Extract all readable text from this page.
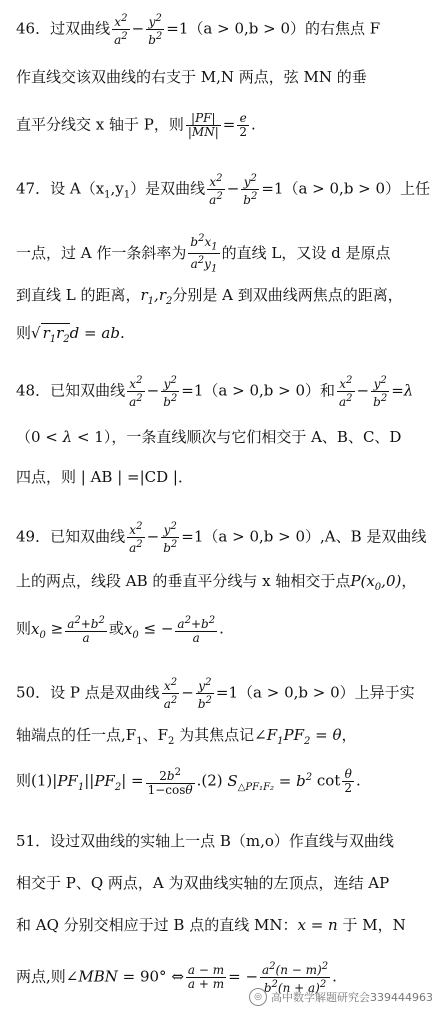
46．过双曲线 $\frac{x^2}{a^2} - \frac{y^2}{b^2} =1(a > 0,b > 0)$的右焦点 F
作直线交该双曲线的右支于 M,N 两点，弦 MN 的垂
直平分线交 x 轴于 P，则 $\frac{|PF|}{|MN|} = \frac{e}{2}$ .
47．设 $A(x_1,y_1)$是双曲线 $\frac{x^2}{a^2} - \frac{y^2}{b^2} =1(a > 0,b > 0)$上任
一点，过 A 作一条斜率为 $\frac{b^2x_1}{a^2y_1}$ 的直线 L，又设 d 是原点
到直线 L 的距离，$r_1,r_2$分别是 A 到双曲线两焦点的距离，
则√ $r_1r_2d$ = ab.
48．已知双曲线 $\frac{x^2}{a^2} - \frac{y^2}{b^2} =1(a > 0,b > 0)$和 $\frac{x^2}{a^2} - \frac{y^2}{b^2} =\lambda$
（0 < λ < 1），一条直线顺次与它们相交于 A、B、C、D
四点，则 | AB | =|CD |．
49．已知双曲线 $\frac{x^2}{a^2} - \frac{y^2}{b^2} =1(a > 0,b > 0),A$、B 是双曲线
上的两点，线段 AB 的垂直平分线与 x 轴相交于点$P(x_0,0)$，
则$x_0 \ge \frac{a^2+b^2}{a}$ 或$x_0$ ≤ − $\frac{a^2+b^2}{a}$ .
50．设 P 点是双曲线 $\frac{x^2}{a^2} - \frac{y^2}{b^2} =1(a > 0,b > 0)$上异于实
轴端点的任一点$,F_1$、$F_2$ 为其焦点记$\angle F_1PF_2 = \theta$，
则$(1)|PF_1||PF_2| = \frac{2b^2}{1-\cos\theta} .(2) S_{\triangle PF_1F_2} = b^2$ $\cot \frac{\theta}{2}$ .
51．设过双曲线的实轴上一点 B（m,o）作直线与双曲线
相交于 P、Q 两点，A 为双曲线实轴的左顶点，连结 AP
和 AQ 分别交相应于过 B 点的直线 MN：x = n 于 M，N
两点,则∠MBN = 90° ⇔ $\frac{a - m}{a + m}$ = − $\frac{a^2(n - m)^2}{b^2(n + a)^2}$ .
◎ 高中数学解题研究会339444963
